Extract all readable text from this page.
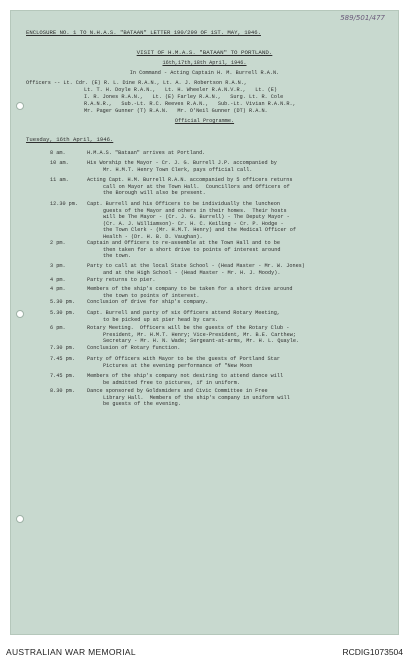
589/501/477
ENCLOSURE NO. 1 TO N.H.A.S. "BATAAN" LETTER 190/299 OF 1ST. MAY, 1946.
VISIT OF H.M.A.S. "BATAAN" TO PORTLAND.
16th,17th,18th April, 1946.
In Command - Acting Captain H. M. Burrell R.A.N.
Officers -- Lt. Cdr. (E) R. L. Dine R.A.N., Lt. A. J. Robertson R.A.N.,
Lt. T. H. Doyle R.A.N.,   Lt. H. Wheeler R.A.N.V.R.,   Lt. (E)
I. R. Jones R.A.N.,   Lt. (E) Farley R.A.N.,   Surg. Lt. R. Cole
R.A.N.R.,   Sub.-Lt. R.C. Reeves R.A.N.,   Sub.-Lt. Vivian R.A.N.R.,
Mr. Pager Gunner (T) R.A.N.   Mr. O'Neil Gunner (DT) R.A.N.
Official Programme.
Tuesday, 16th April, 1946.
8 am.	H.M.A.S. "Bataan" arrives at Portland.
10 am.	His Worship the Mayor - Cr. J. G. Burrell J.P. accompanied by
Mr. H.M.T. Henry Town Clerk, pays official call.
11 am.	Acting Capt. H.M. Burrell R.A.N. accompanied by 5 officers returns
call on Mayor at the Town Hall.  Councillors and Officers of
the Borough will also be present.
12.30 pm. Capt. Burrell and his Officers to be individually the luncheon
guests of the Mayor and others in their homes.  Their hosts
will be The Mayor - (Cr. J. G. Burrell) - The Deputy Mayor -
(Cr. A. J. Williamson)- Cr. H. C. Keiling - Cr. P. Hodge -
the Town Clerk - (Mr. H.M.T. Henry) and the Medical Officer of
Health - (Dr. H. B. D. Vaughan).
2 pm.	Captain and Officers to re-assemble at the Town Hall and to be
then taken for a short drive to points of interest around
the town.
3 pm.	Party to call at the local State School - (Head Master - Mr. W. Jones)
and at the High School - (Head Master - Mr. H. J. Moody).
4 pm.	Party returns to pier.
4 pm.	Members of the ship's company to be taken for a short drive around
the town to points of interest.
5.30 pm. Conclusion of drive for ship's company.
5.30 pm. Capt. Burrell and party of six Officers attend Rotary Meeting,
to be picked up at pier head by cars.
6 pm.	Rotary Meeting.  Officers will be the guests of the Rotary Club -
President, Mr. H.M.T. Henry; Vice-President, Mr. B.E. Carthew;
Secretary - Mr. H. N. Wade; Sergeant-at-arms, Mr. H. L. Quayle.
7.30 pm. Conclusion of Rotary function.
7.45 pm. Party of Officers with Mayor to be the guests of Portland Star
Pictures at the evening performance of "New Moon
7.45 pm. Members of the ship's company not desiring to attend dance will
be admitted free to pictures, if in uniform.
8.30 pm. Dance sponsored by Goldsmiders and Civic Committee in Free
Library Hall.  Members of the ship's company in uniform will
be guests of the evening.
AUSTRALIAN WAR MEMORIAL	RCDIG1073504
